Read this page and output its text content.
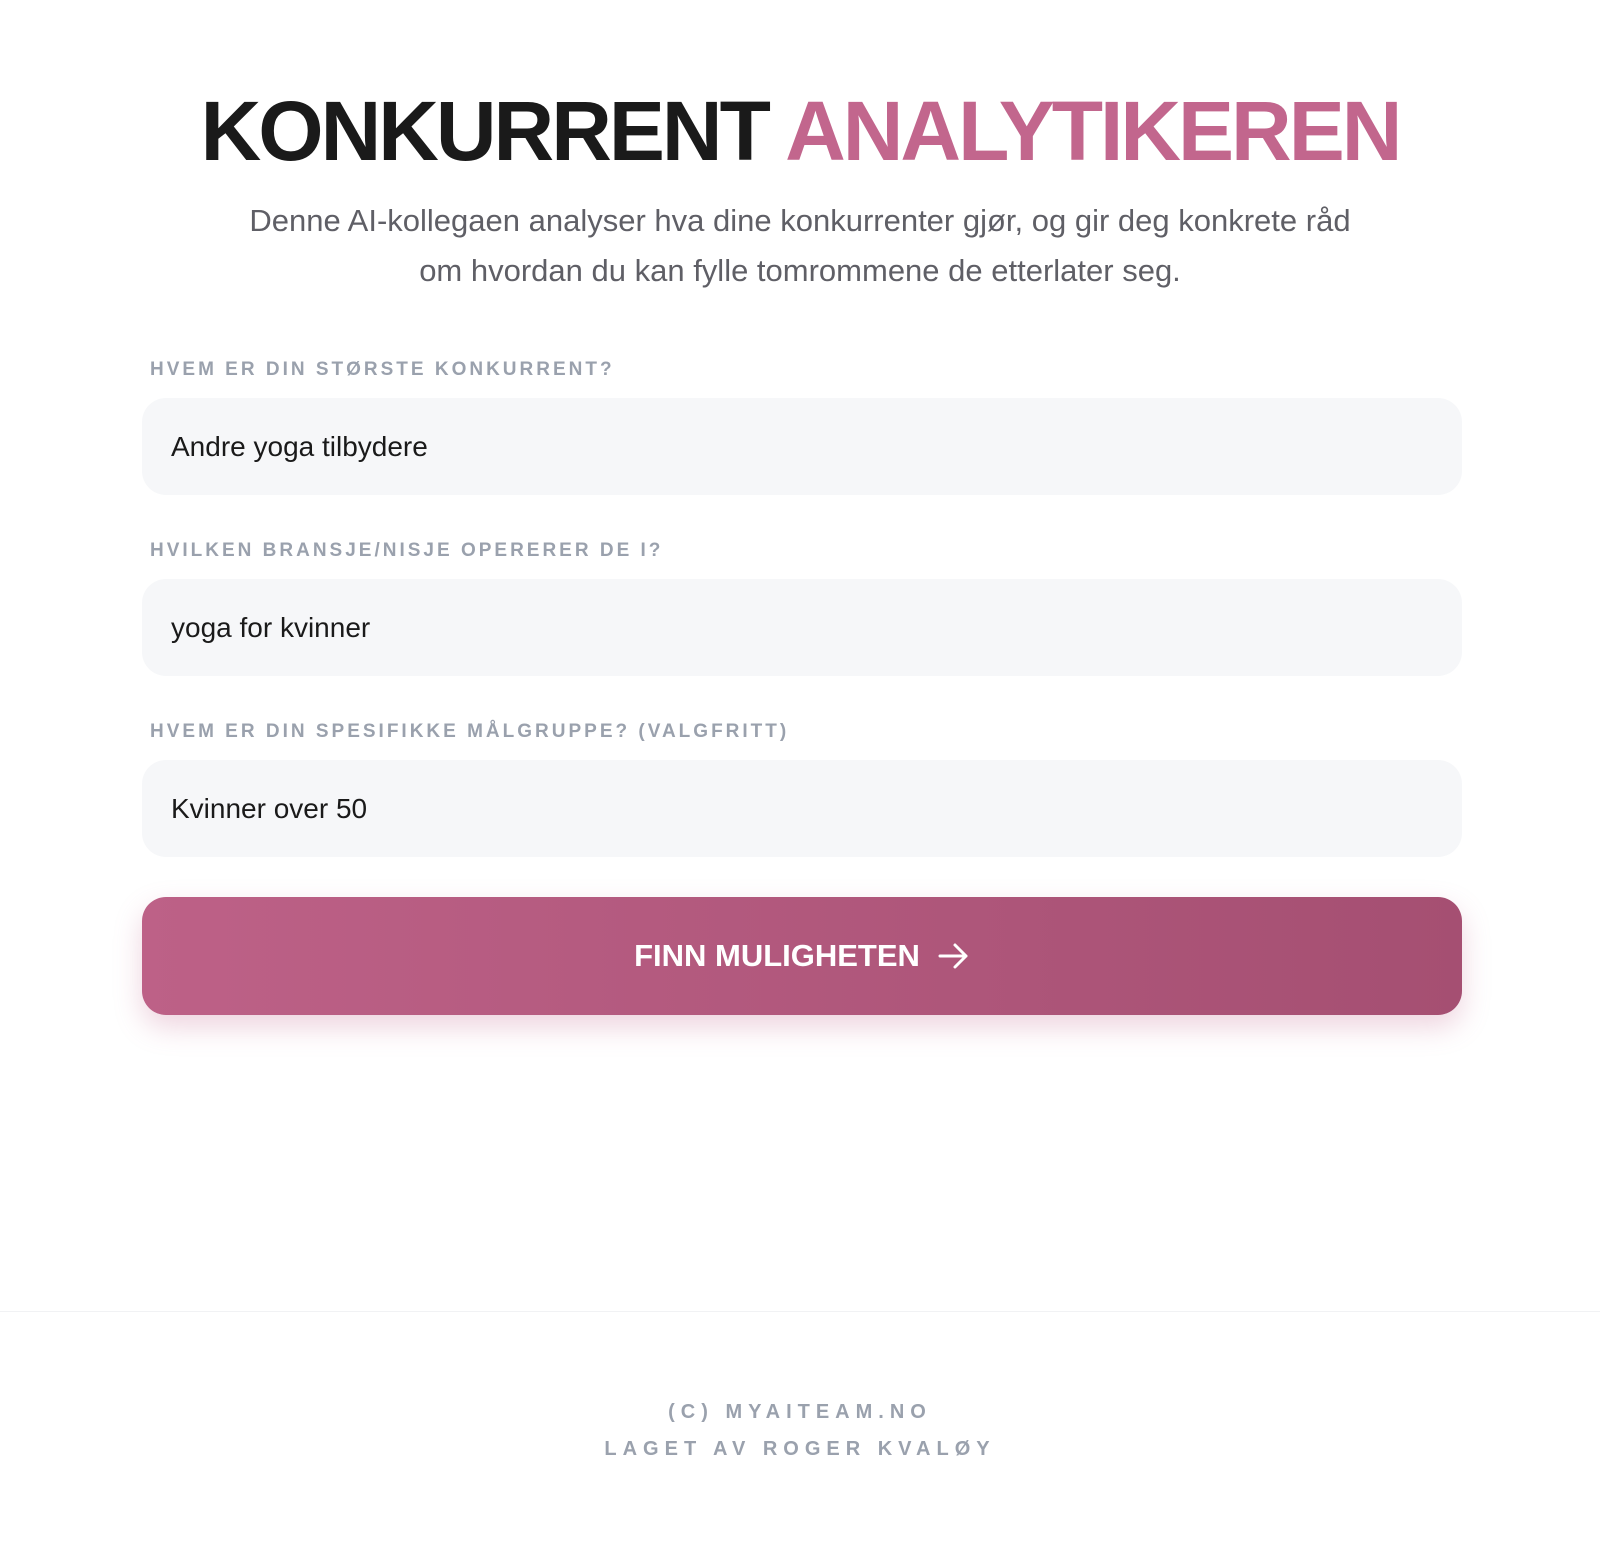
KONKURRENT ANALYTIKEREN

Denne AI-kollegaen analyser hva dine konkurrenter gjør, og gir deg konkrete råd om hvordan du kan fylle tomrommene de etterlater seg.

HVEM ER DIN STØRSTE KONKURRENT?
Andre yoga tilbydere
HVILKEN BRANSJE/NISJE OPERERER DE I?
yoga for kvinner
HVEM ER DIN SPESIFIKKE MÅLGRUPPE? (VALGFRITT)
Kvinner over 50
FINN MULIGHETEN
(C) MYAITEAM.NO
LAGET AV ROGER KVALØY
